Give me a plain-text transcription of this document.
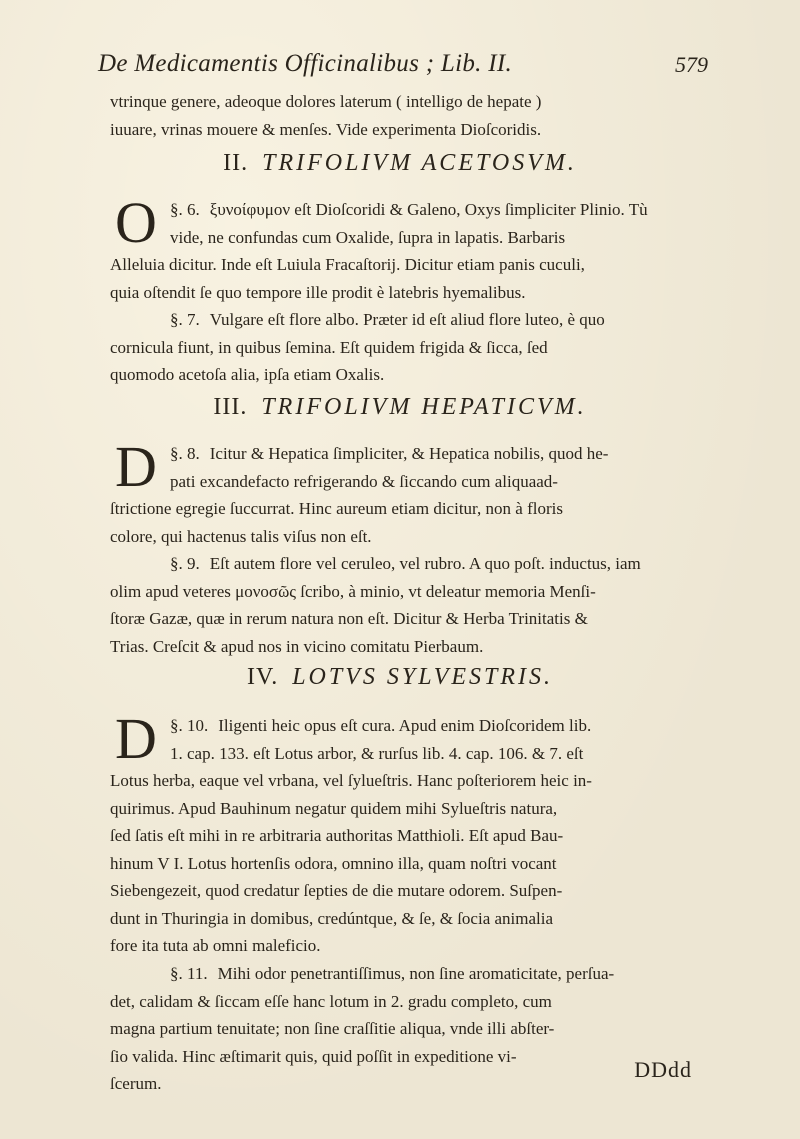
De Medicamentis Officinalibus ; Lib. II.	579
vtrinque genere, adeoque dolores laterum ( intelligo de hepate )
iuuare, vrinas mouere & menſes. Vide experimenta Dioſcoridis.
II. TRIFOLIVM ACETOSVM.
O §. 6. ξυνοίφυμον eſt Dioſcoridi & Galeno, Oxys ſimpliciter Plinio. Tù
vide, ne confundas cum Oxalide, ſupra in lapatis. Barbaris
Alleluia dicitur. Inde eſt Luiula Fracaſtorij. Dicitur etiam panis cuculi,
quia oſtendit ſe quo tempore ille prodit è latebris hyemalibus.
§. 7. Vulgare eſt flore albo. Præter id eſt aliud flore luteo, è quo
cornicula fiunt, in quibus ſemina. Eſt quidem frigida & ſicca, ſed
quomodo acetoſa alia, ipſa etiam Oxalis.
III. TRIFOLIVM HEPATICVM.
D §. 8. Icitur & Hepatica ſimpliciter, & Hepatica nobilis, quod he-
pati excandefacto refrigerando & ſiccando cum aliquaad-
ſtrictione egregie ſuccurrat. Hinc aureum etiam dicitur, non à floris
colore, qui hactenus talis viſus non eſt.
§. 9. Eſt autem flore vel ceruleo, vel rubro. A quo poſt. inductus, iam
olim apud veteres μονοσῶς ſcribo, à minio, vt deleatur memoria Menſi-
ſtoræ Gazæ, quæ in rerum natura non eſt. Dicitur & Herba Trinitatis &
Trias. Creſcit & apud nos in vicino comitatu Pierbaum.
IV. LOTVS SYLVESTRIS.
D §. 10. Iligenti heic opus eſt cura. Apud enim Dioſcoridem lib.
1. cap. 133. eſt Lotus arbor, & rurſus lib. 4. cap. 106. & 7. eſt
Lotus herba, eaque vel vrbana, vel ſylueſtris. Hanc poſteriorem heic in-
quirimus. Apud Bauhinum negatur quidem mihi Sylueſtris natura,
ſed ſatis eſt mihi in re arbitraria authoritas Matthioli. Eſt apud Bau-
hinum V I. Lotus hortenſis odora, omnino illa, quam noſtri vocant
Siebengezeit, quod credatur ſepties de die mutare odorem. Suſpen-
dunt in Thuringia in domibus, credúntque, & ſe, & ſocia animalia
fore ita tuta ab omni maleficio.
§. 11. Mihi odor penetrantiſſimus, non ſine aromaticitate, perſua-
det, calidam & ſiccam eſſe hanc lotum in 2. gradu completo, cum
magna partium tenuitate; non ſine craſſitie aliqua, vnde illi abſter-
ſio valida. Hinc æſtimarit quis, quid poſſit in expeditione vi-
ſcerum.
DDdd
